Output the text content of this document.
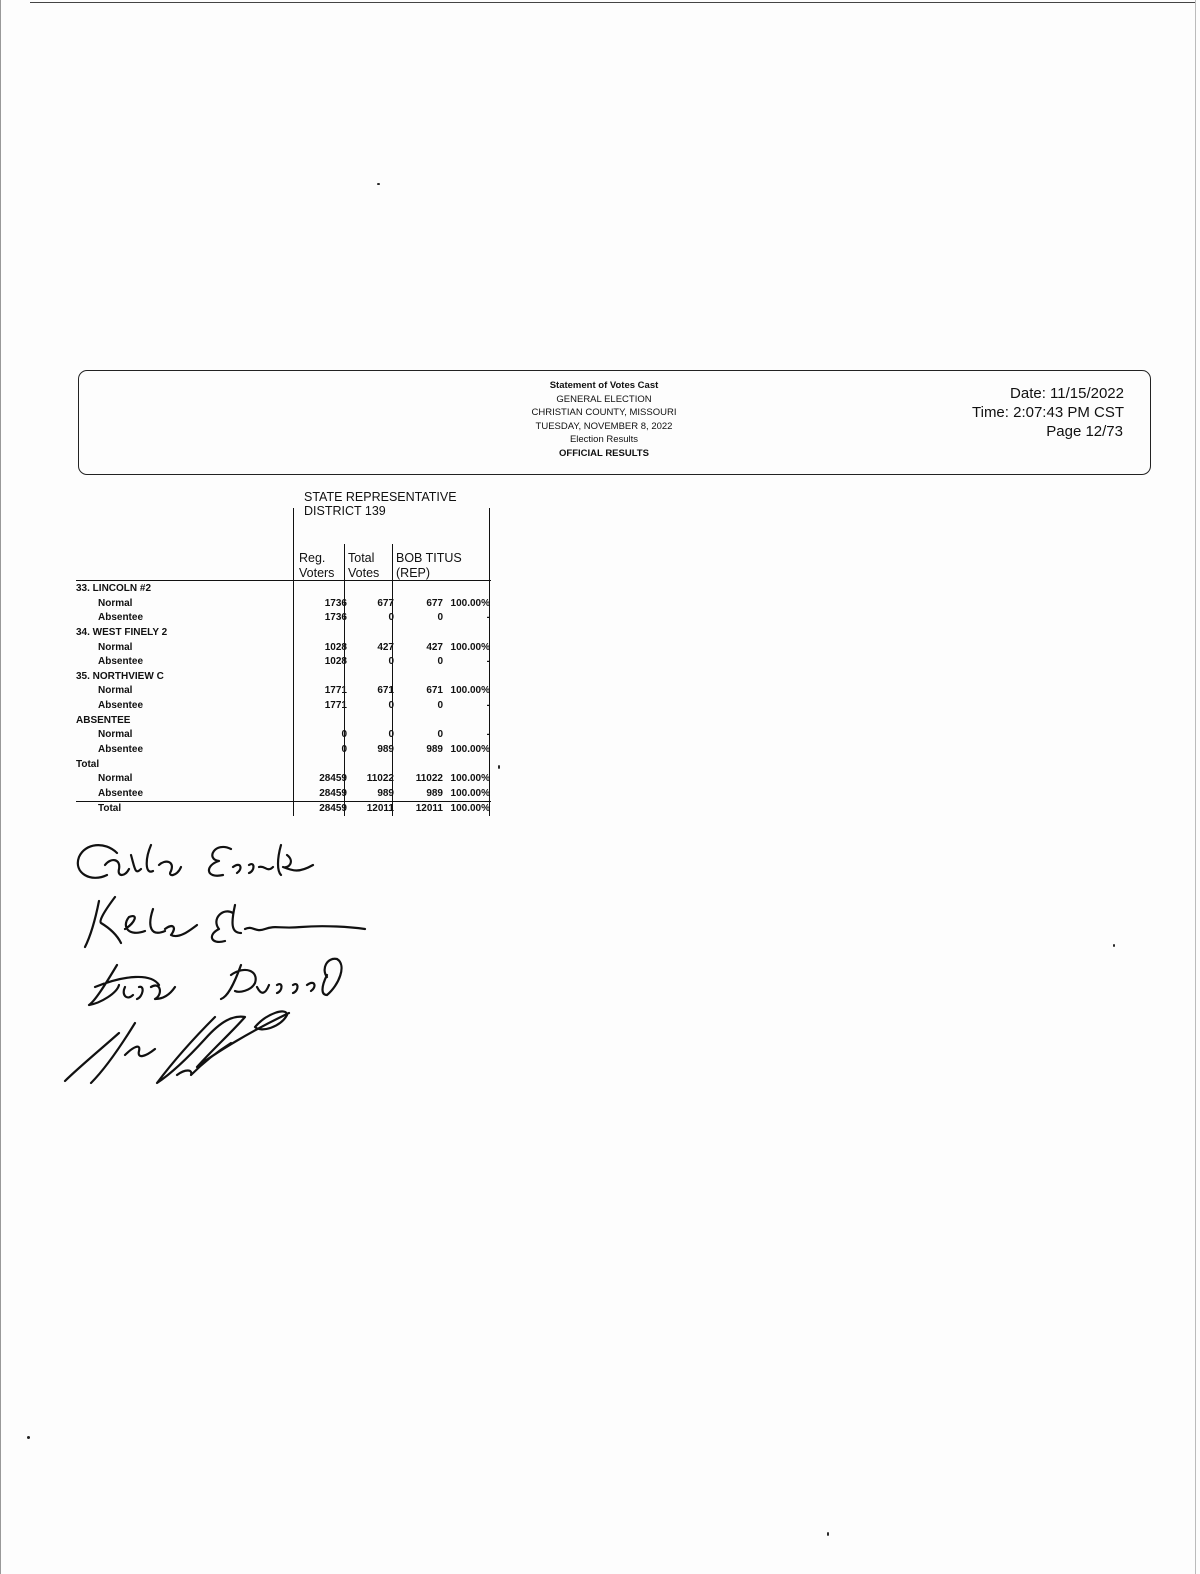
Statement of Votes Cast
GENERAL ELECTION
CHRISTIAN COUNTY, MISSOURI
TUESDAY, NOVEMBER 8, 2022
Election Results
OFFICIAL RESULTS
Date: 11/15/2022
Time: 2:07:43 PM CST
Page 12/73
STATE REPRESENTATIVE
DISTRICT 139
Reg.
Voters
Total
Votes
BOB TITUS
(REP)
33. LINCOLN #2
Normal	1736	677	677 100.00%
Absentee	1736	0	0	-
34. WEST FINELY 2
Normal	1028	427	427 100.00%
Absentee	1028	0	0	-
35. NORTHVIEW C
Normal	1771	671	671 100.00%
Absentee	1771	0	0	-
ABSENTEE
Normal	0	0	0	-
Absentee	0	989	989 100.00%
Total
Normal	28459	11022	11022 100.00%
Absentee	28459	989	989 100.00%
Total	28459	12011	12011 100.00%
